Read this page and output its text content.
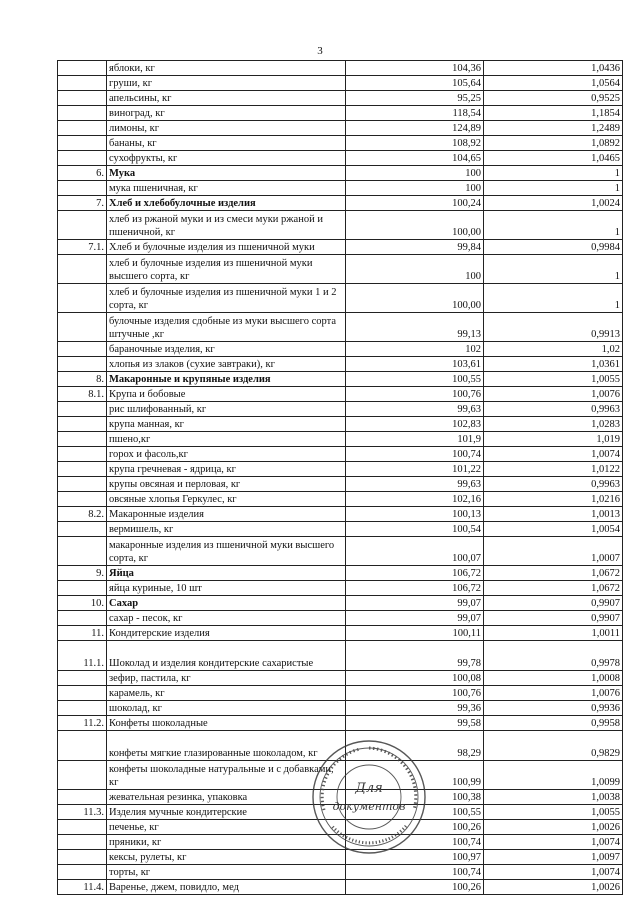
3
	яблоки, кг	104,36	1,0436
	груши, кг	105,64	1,0564
	апельсины, кг	95,25	0,9525
	виноград, кг	118,54	1,1854
	лимоны, кг	124,89	1,2489
	бананы, кг	108,92	1,0892
	сухофрукты, кг	104,65	1,0465
6.	Мука	100	1
	мука пшеничная, кг	100	1
7.	Хлеб и хлебобулочные изделия	100,24	1,0024
	хлеб из ржаной муки и из смеси муки ржаной и пшеничной, кг	100,00	1
7.1.	Хлеб и булочные изделия из пшеничной муки	99,84	0,9984
	хлеб и булочные изделия из пшеничной муки высшего сорта, кг	100	1
	хлеб и булочные изделия из пшеничной муки 1 и 2 сорта, кг	100,00	1
	булочные изделия сдобные из муки высшего сорта штучные ,кг	99,13	0,9913
	бараночные изделия, кг	102	1,02
	хлопья из злаков (сухие завтраки), кг	103,61	1,0361
8.	Макаронные и крупяные изделия	100,55	1,0055
8.1.	Крупа и бобовые	100,76	1,0076
	рис шлифованный, кг	99,63	0,9963
	крупа манная, кг	102,83	1,0283
	пшено,кг	101,9	1,019
	горох и фасоль,кг	100,74	1,0074
	крупа гречневая - ядрица, кг	101,22	1,0122
	крупы овсяная и перловая, кг	99,63	0,9963
	овсяные хлопья Геркулес, кг	102,16	1,0216
8.2.	Макаронные изделия	100,13	1,0013
	вермишель, кг	100,54	1,0054
	макаронные изделия из пшеничной муки высшего сорта, кг	100,07	1,0007
9.	Яйца	106,72	1,0672
	яйца куриные, 10 шт	106,72	1,0672
10.	Сахар	99,07	0,9907
	сахар - песок, кг	99,07	0,9907
11.	Кондитерские изделия	100,11	1,0011
11.1.	Шоколад и изделия кондитерские сахаристые	99,78	0,9978
	зефир, пастила, кг	100,08	1,0008
	карамель, кг	100,76	1,0076
	шоколад, кг	99,36	0,9936
11.2.	Конфеты шоколадные	99,58	0,9958
	конфеты мягкие глазированные шоколадом, кг	98,29	0,9829
	конфеты шоколадные натуральные и с добавками, кг	100,99	1,0099
	жевательная резинка, упаковка	100,38	1,0038
11.3.	Изделия мучные кондитерские	100,55	1,0055
	печенье, кг	100,26	1,0026
	пряники, кг	100,74	1,0074
	кексы, рулеты, кг	100,97	1,0097
	торты, кг	100,74	1,0074
11.4.	Варенье, джем, повидло, мед	100,26	1,0026
Для
документов
